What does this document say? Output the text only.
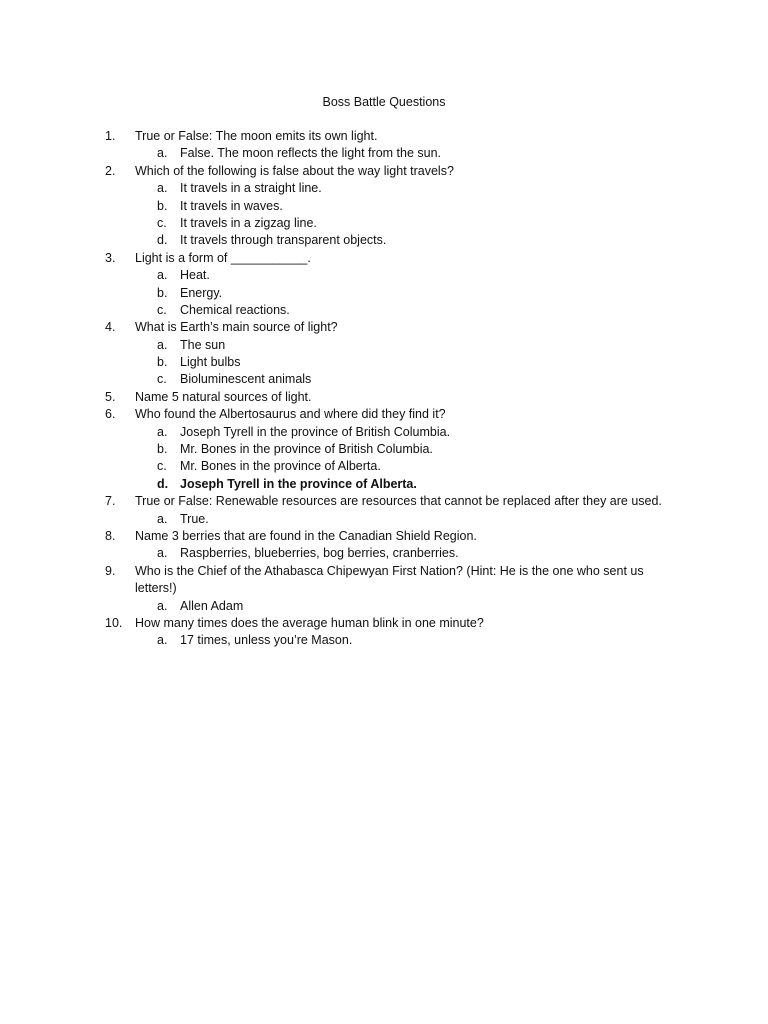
Boss Battle Questions
1.	True or False: The moon emits its own light.
a.	False. The moon reflects the light from the sun.
2.	Which of the following is false about the way light travels?
a.	It travels in a straight line.
b.	It travels in waves.
c.	It travels in a zigzag line.
d.	It travels through transparent objects.
3.	Light is a form of ___________.
a.	Heat.
b.	Energy.
c.	Chemical reactions.
4.	What is Earth’s main source of light?
a.	The sun
b.	Light bulbs
c.	Bioluminescent animals
5.	Name 5 natural sources of light.
6.	Who found the Albertosaurus and where did they find it?
a.	Joseph Tyrell in the province of British Columbia.
b.	Mr. Bones in the province of British Columbia.
c.	Mr. Bones in the province of Alberta.
d. Joseph Tyrell in the province of Alberta.
7.	True or False: Renewable resources are resources that cannot be replaced after they are used.
a.	True.
8.	Name 3 berries that are found in the Canadian Shield Region.
a.	Raspberries, blueberries, bog berries, cranberries.
9.	Who is the Chief of the Athabasca Chipewyan First Nation? (Hint: He is the one who sent us
letters!)
a.	Allen Adam
10.	How many times does the average human blink in one minute?
a.	17 times, unless you’re Mason.
